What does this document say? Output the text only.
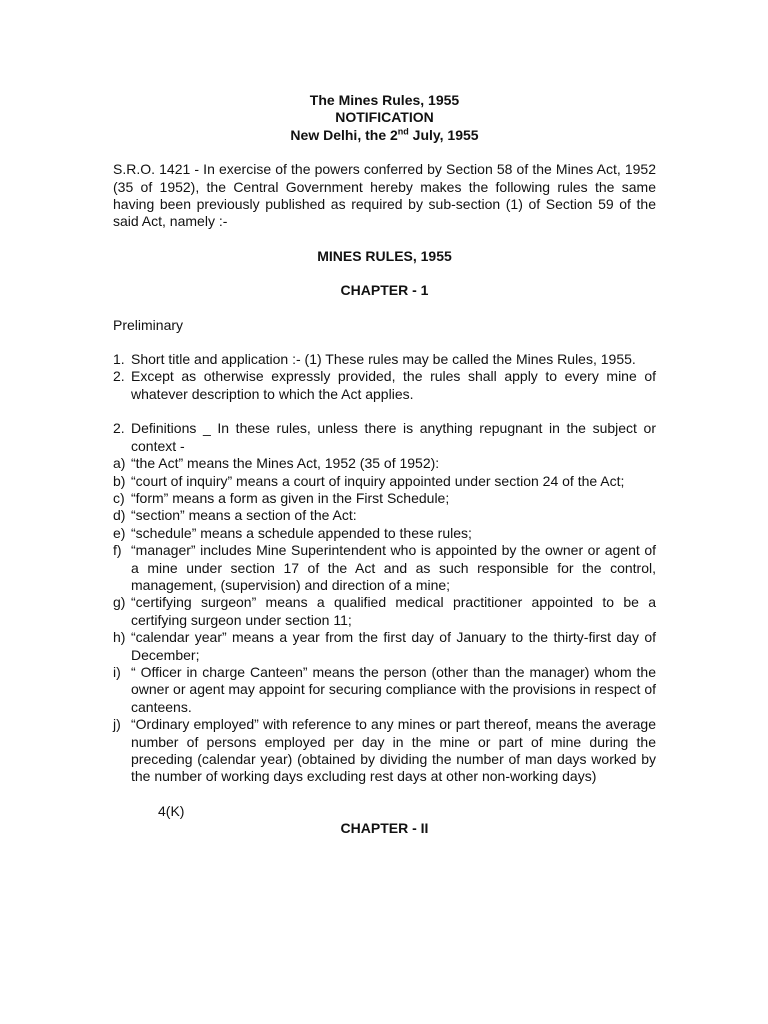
The Mines Rules, 1955

NOTIFICATION

New Delhi, the 2nd July, 1955

S.R.O. 1421 - In exercise of the powers conferred by Section 58 of the Mines Act, 1952 (35 of 1952), the Central Government hereby makes the following rules the same having been previously published as required by sub-section (1) of Section 59 of the said Act, namely :-

MINES RULES, 1955

CHAPTER - 1

Preliminary

1. Short title and application :- (1) These rules may be called the Mines Rules, 1955.
2. Except as otherwise expressly provided, the rules shall apply to every mine of whatever description to which the Act applies.
2. Definitions _ In these rules, unless there is anything repugnant in the subject or context -
a) “the Act” means the Mines Act, 1952 (35 of 1952):
b) “court of inquiry” means a court of inquiry appointed under section 24 of the Act;
c) “form” means a form as given in the First Schedule;
d) “section” means a section of the Act:
e) “schedule” means a schedule appended to these rules;
f) “manager” includes Mine Superintendent who is appointed by the owner or agent of a mine under section 17 of the Act and as such responsible for the control, management, (supervision) and direction of a mine;
g) “certifying surgeon” means a qualified medical practitioner appointed to be a certifying surgeon under section 11;
h) “calendar year” means a year from the first day of January to the thirty-first day of December;
i) “ Officer in charge Canteen” means the person (other than the manager) whom the owner or agent may appoint for securing compliance with the provisions in respect of canteens.
j) “Ordinary employed” with reference to any mines or part thereof, means the average number of persons employed per day in the mine or part of mine during the preceding (calendar year) (obtained by dividing the number of man days worked by the number of working days excluding rest days at other non-working days)

4(K)

CHAPTER - II
